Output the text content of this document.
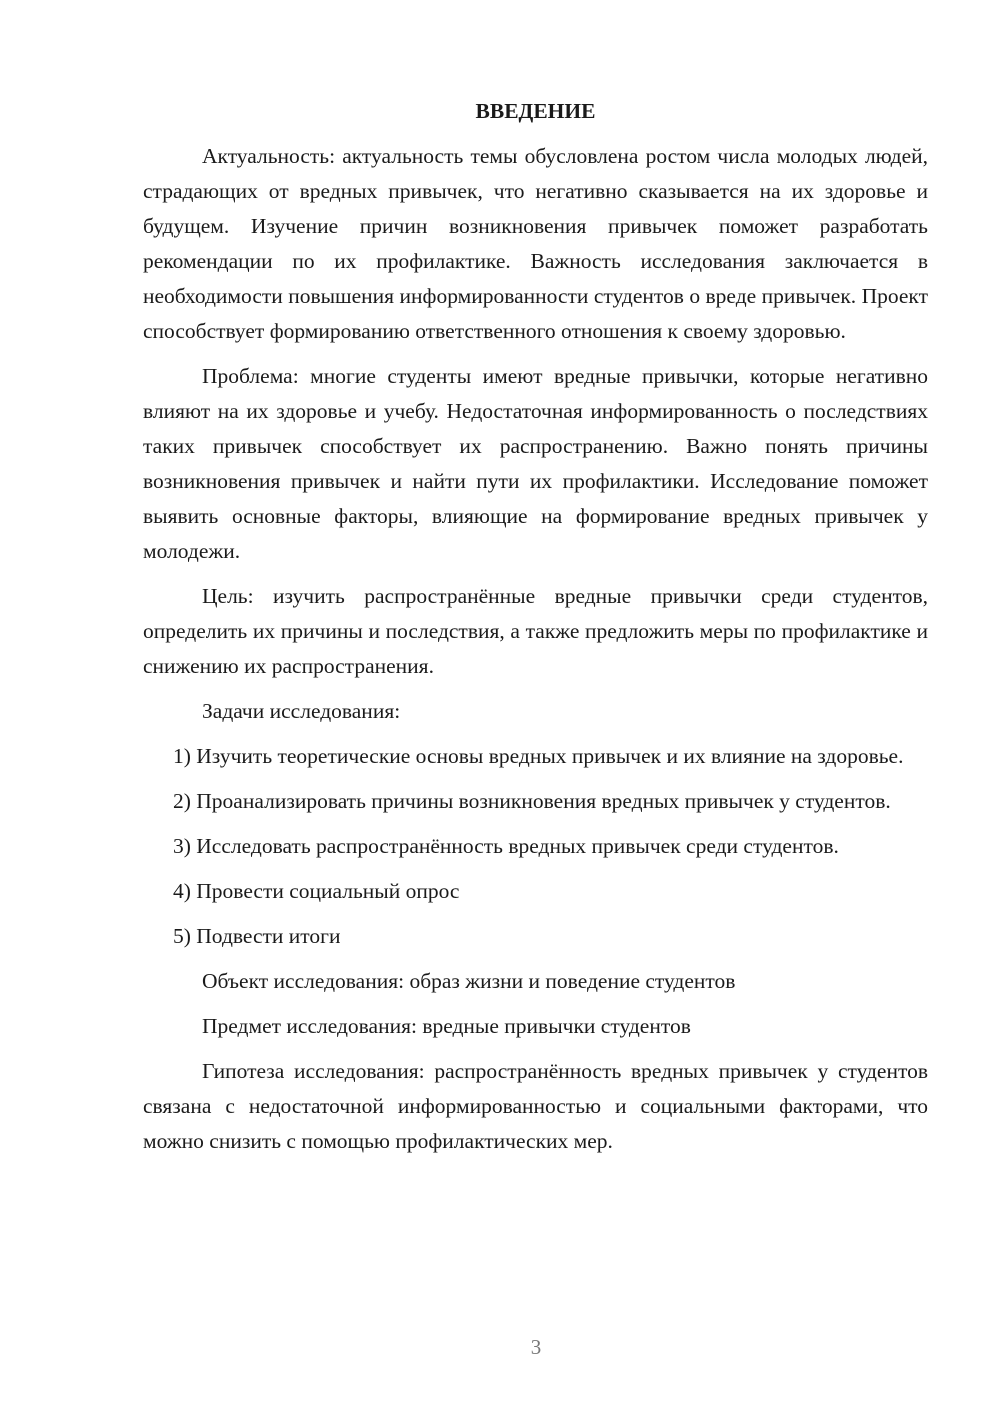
ВВЕДЕНИЕ

Актуальность: актуальность темы обусловлена ростом числа молодых людей, страдающих от вредных привычек, что негативно сказывается на их здоровье и будущем. Изучение причин возникновения привычек поможет разработать рекомендации по их профилактике. Важность исследования заключается в необходимости повышения информированности студентов о вреде привычек. Проект способствует формированию ответственного отношения к своему здоровью.

Проблема: многие студенты имеют вредные привычки, которые негативно влияют на их здоровье и учебу. Недостаточная информированность о последствиях таких привычек способствует их распространению. Важно понять причины возникновения привычек и найти пути их профилактики. Исследование поможет выявить основные факторы, влияющие на формирование вредных привычек у молодежи.

Цель: изучить распространённые вредные привычки среди студентов, определить их причины и последствия, а также предложить меры по профилактике и снижению их распространения.

Задачи исследования:

1) Изучить теоретические основы вредных привычек и их влияние на здоровье.

2) Проанализировать причины возникновения вредных привычек у студентов.

3) Исследовать распространённость вредных привычек среди студентов.

4) Провести социальный опрос

5) Подвести итоги

Объект исследования: образ жизни и поведение студентов

Предмет исследования: вредные привычки студентов

Гипотеза исследования: распространённость вредных привычек у студентов связана с недостаточной информированностью и социальными факторами, что можно снизить с помощью профилактических мер.

3
